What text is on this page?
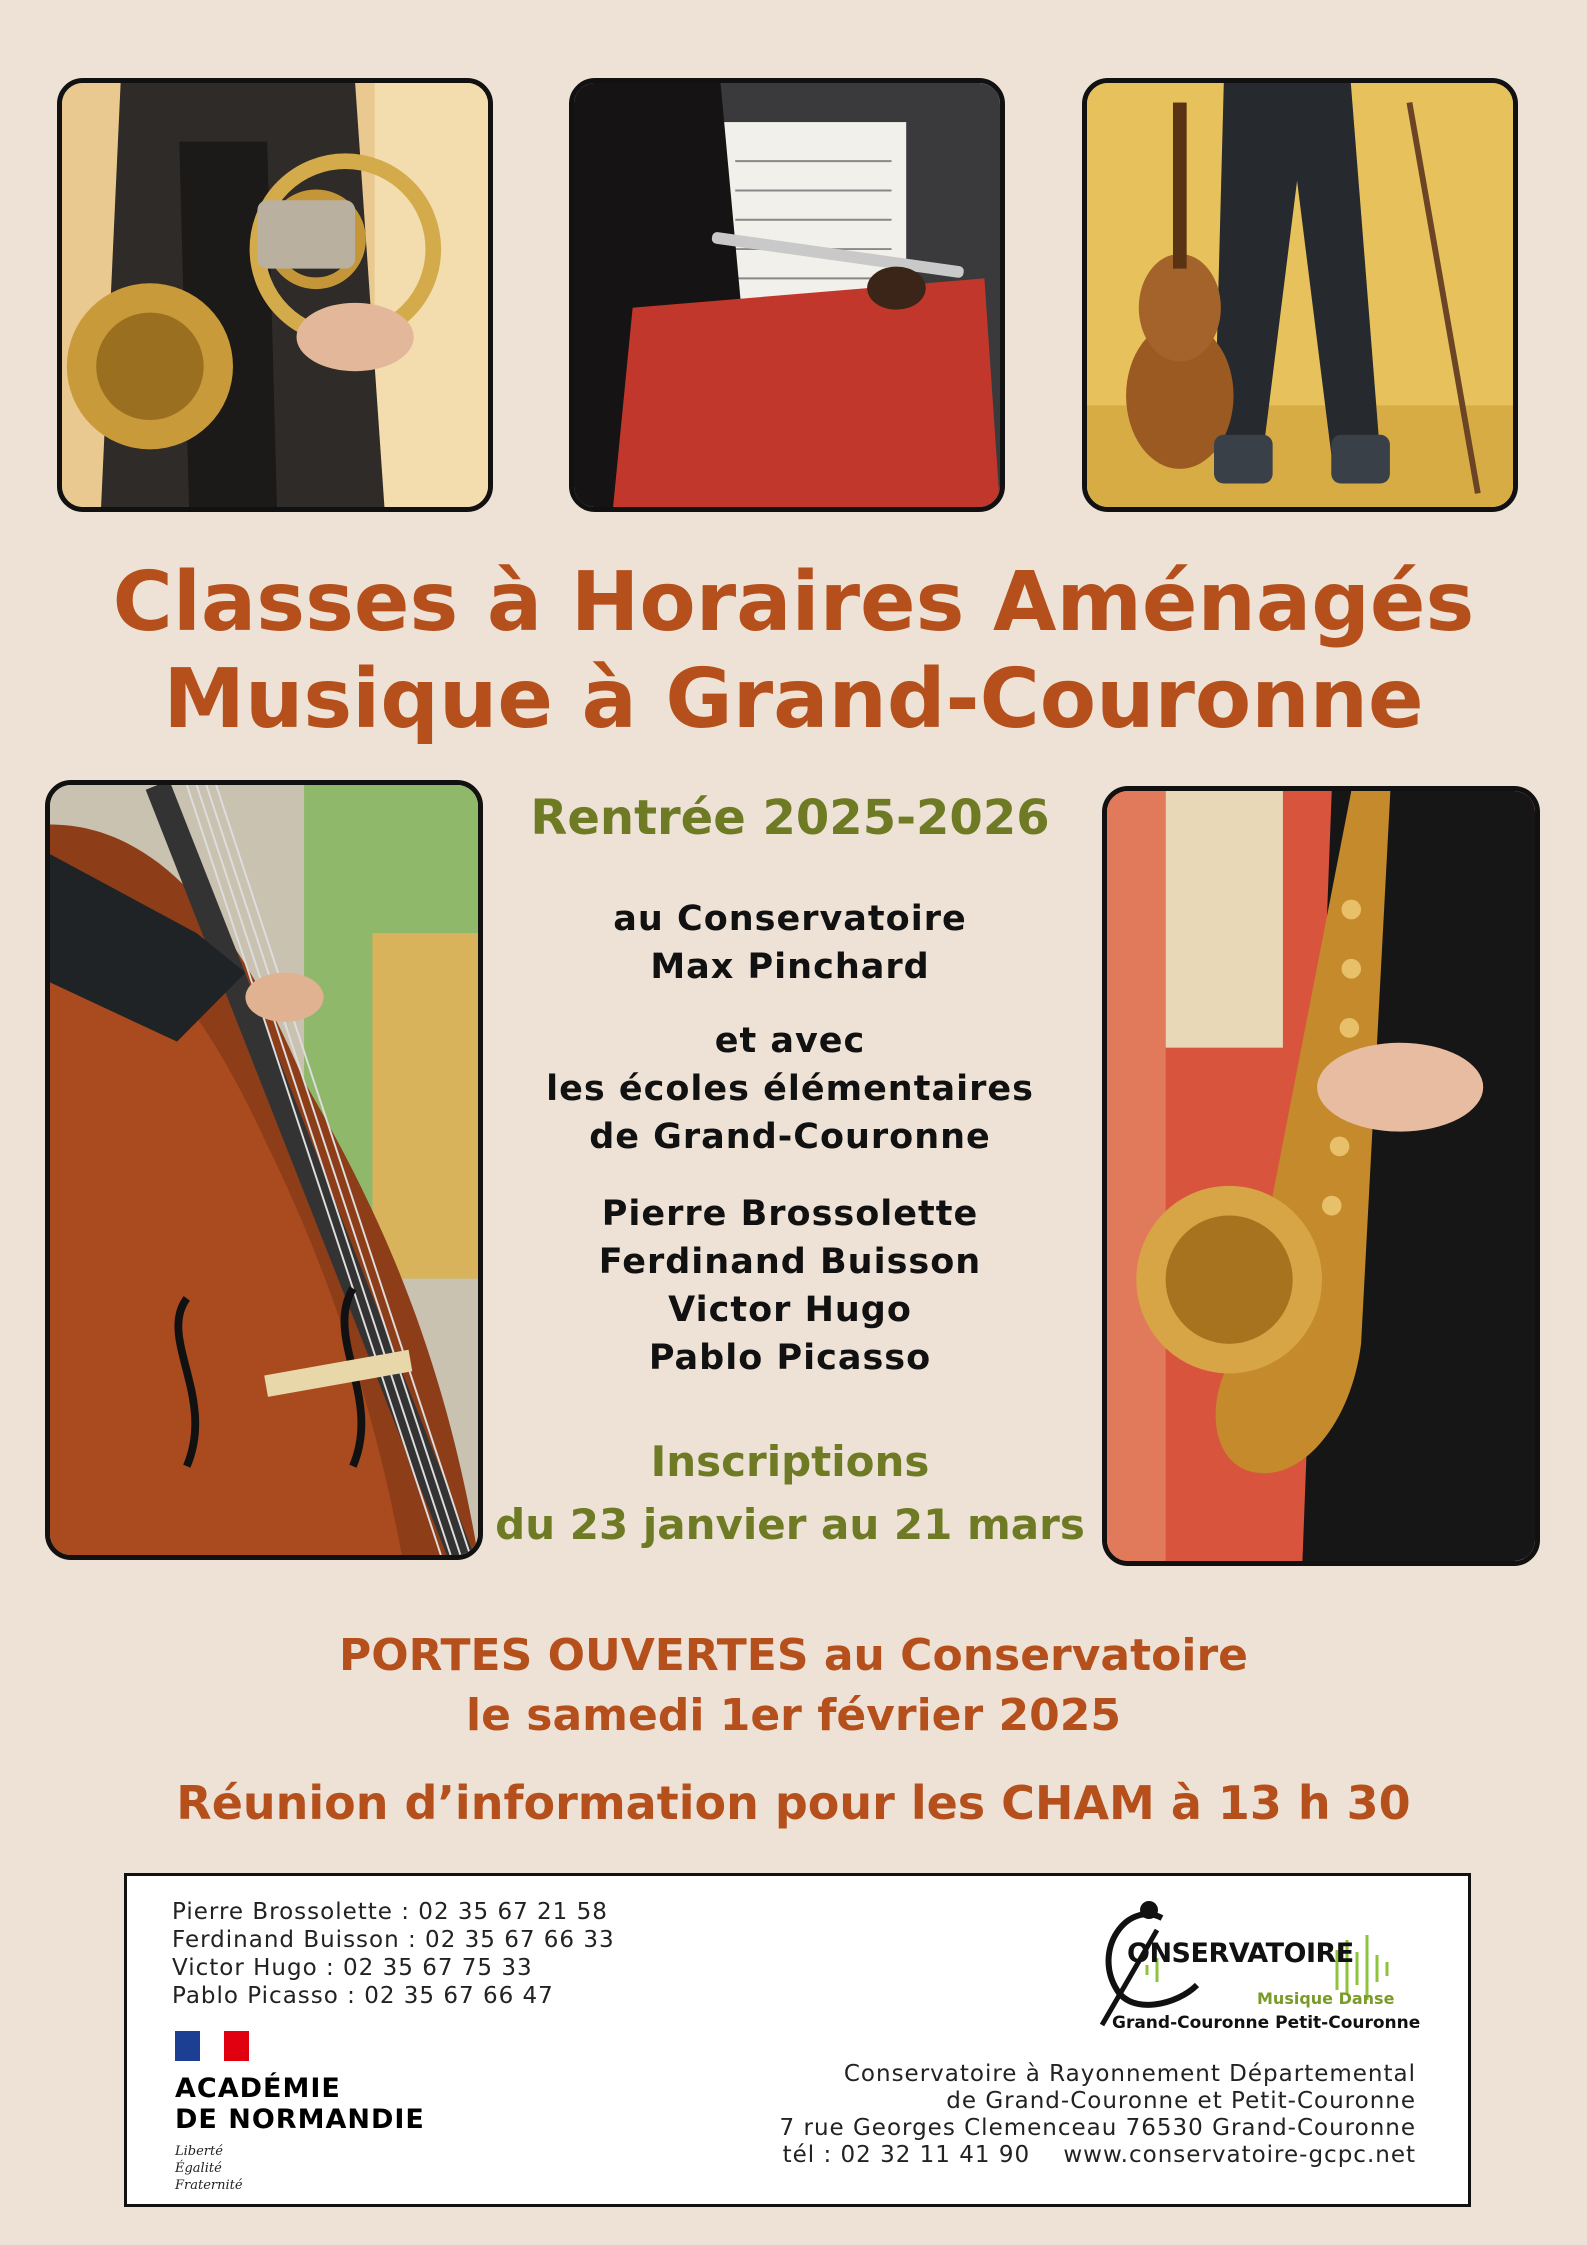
Classes à Horaires Aménagés
Musique à Grand-Couronne
Rentrée 2025-2026
au Conservatoire
Max Pinchard
et avec
les écoles élémentaires
de Grand-Couronne
Pierre Brossolette
Ferdinand Buisson
Victor Hugo
Pablo Picasso
Inscriptions
du 23 janvier au 21 mars
PORTES OUVERTES au Conservatoire
le samedi 1er février 2025
Réunion d’information pour les CHAM à 13 h 30
Pierre Brossolette : 02 35 67 21 58
Ferdinand Buisson : 02 35 67 66 33
Victor Hugo : 02 35 67 75 33
Pablo Picasso : 02 35 67 66 47
ACADÉMIE
DE NORMANDIE
Liberté
Égalité
Fraternité
ONSERVATOIRE
Musique Danse
Grand-Couronne Petit-Couronne
Conservatoire à Rayonnement Départemental
de Grand-Couronne et Petit-Couronne
7 rue Georges Clemenceau 76530 Grand-Couronne
tél : 02 32 11 41 90    www.conservatoire-gcpc.net
